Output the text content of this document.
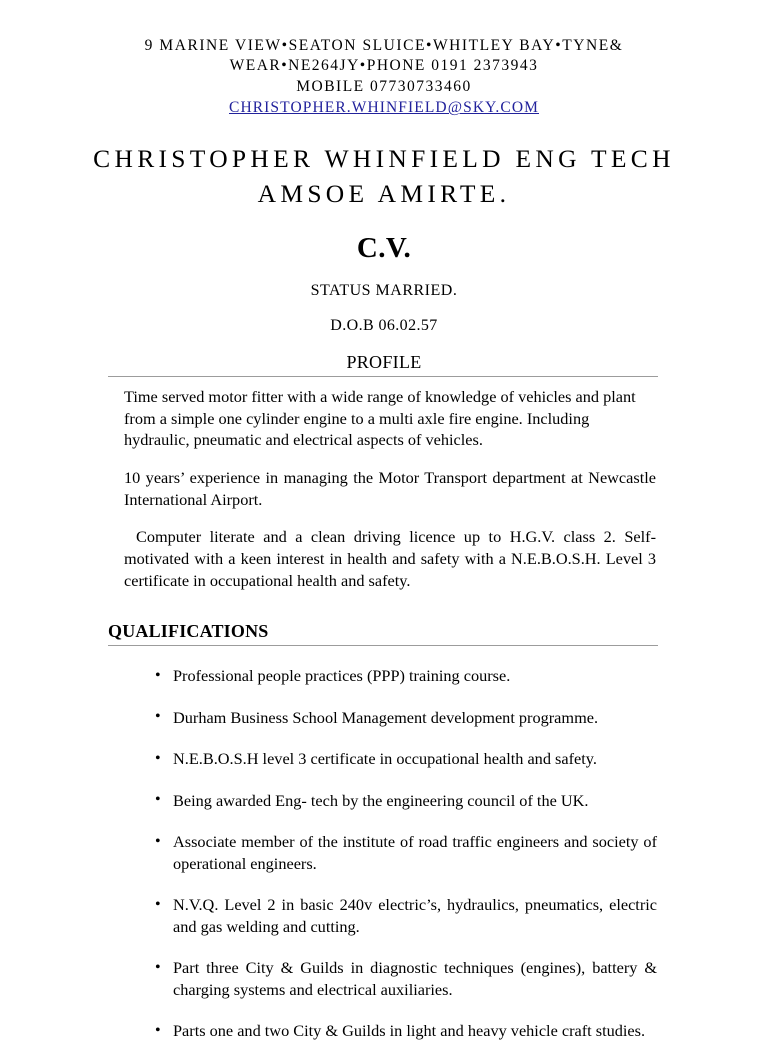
9 MARINE VIEW•SEATON SLUICE•WHITLEY BAY•TYNE&
WEAR•NE264JY•PHONE 0191 2373943
MOBILE 07730733460
CHRISTOPHER.WHINFIELD@SKY.COM
CHRISTOPHER WHINFIELD ENG TECH AMSOE AMIRTE.
C.V.
STATUS MARRIED.
D.O.B 06.02.57
PROFILE

Time served motor fitter with a wide range of knowledge of vehicles and plant from a simple one cylinder engine to a multi axle fire engine. Including hydraulic, pneumatic and electrical aspects of vehicles.

10 years’ experience in managing the Motor Transport department at Newcastle International Airport.

Computer literate and a clean driving licence up to H.G.V. class 2. Self-motivated with a keen interest in health and safety with a N.E.B.O.S.H. Level 3 certificate in occupational health and safety.

QUALIFICATIONS
• Professional people practices (PPP) training course.
• Durham Business School Management development programme.
• N.E.B.O.S.H level 3 certificate in occupational health and safety.
• Being awarded Eng- tech by the engineering council of the UK.
• Associate member of the institute of road traffic engineers and society of operational engineers.
• N.V.Q. Level 2 in basic 240v electric’s, hydraulics, pneumatics, electric and gas welding and cutting.
• Part three City & Guilds in diagnostic techniques (engines), battery & charging systems and electrical auxiliaries.
• Parts one and two City & Guilds in light and heavy vehicle craft studies.
